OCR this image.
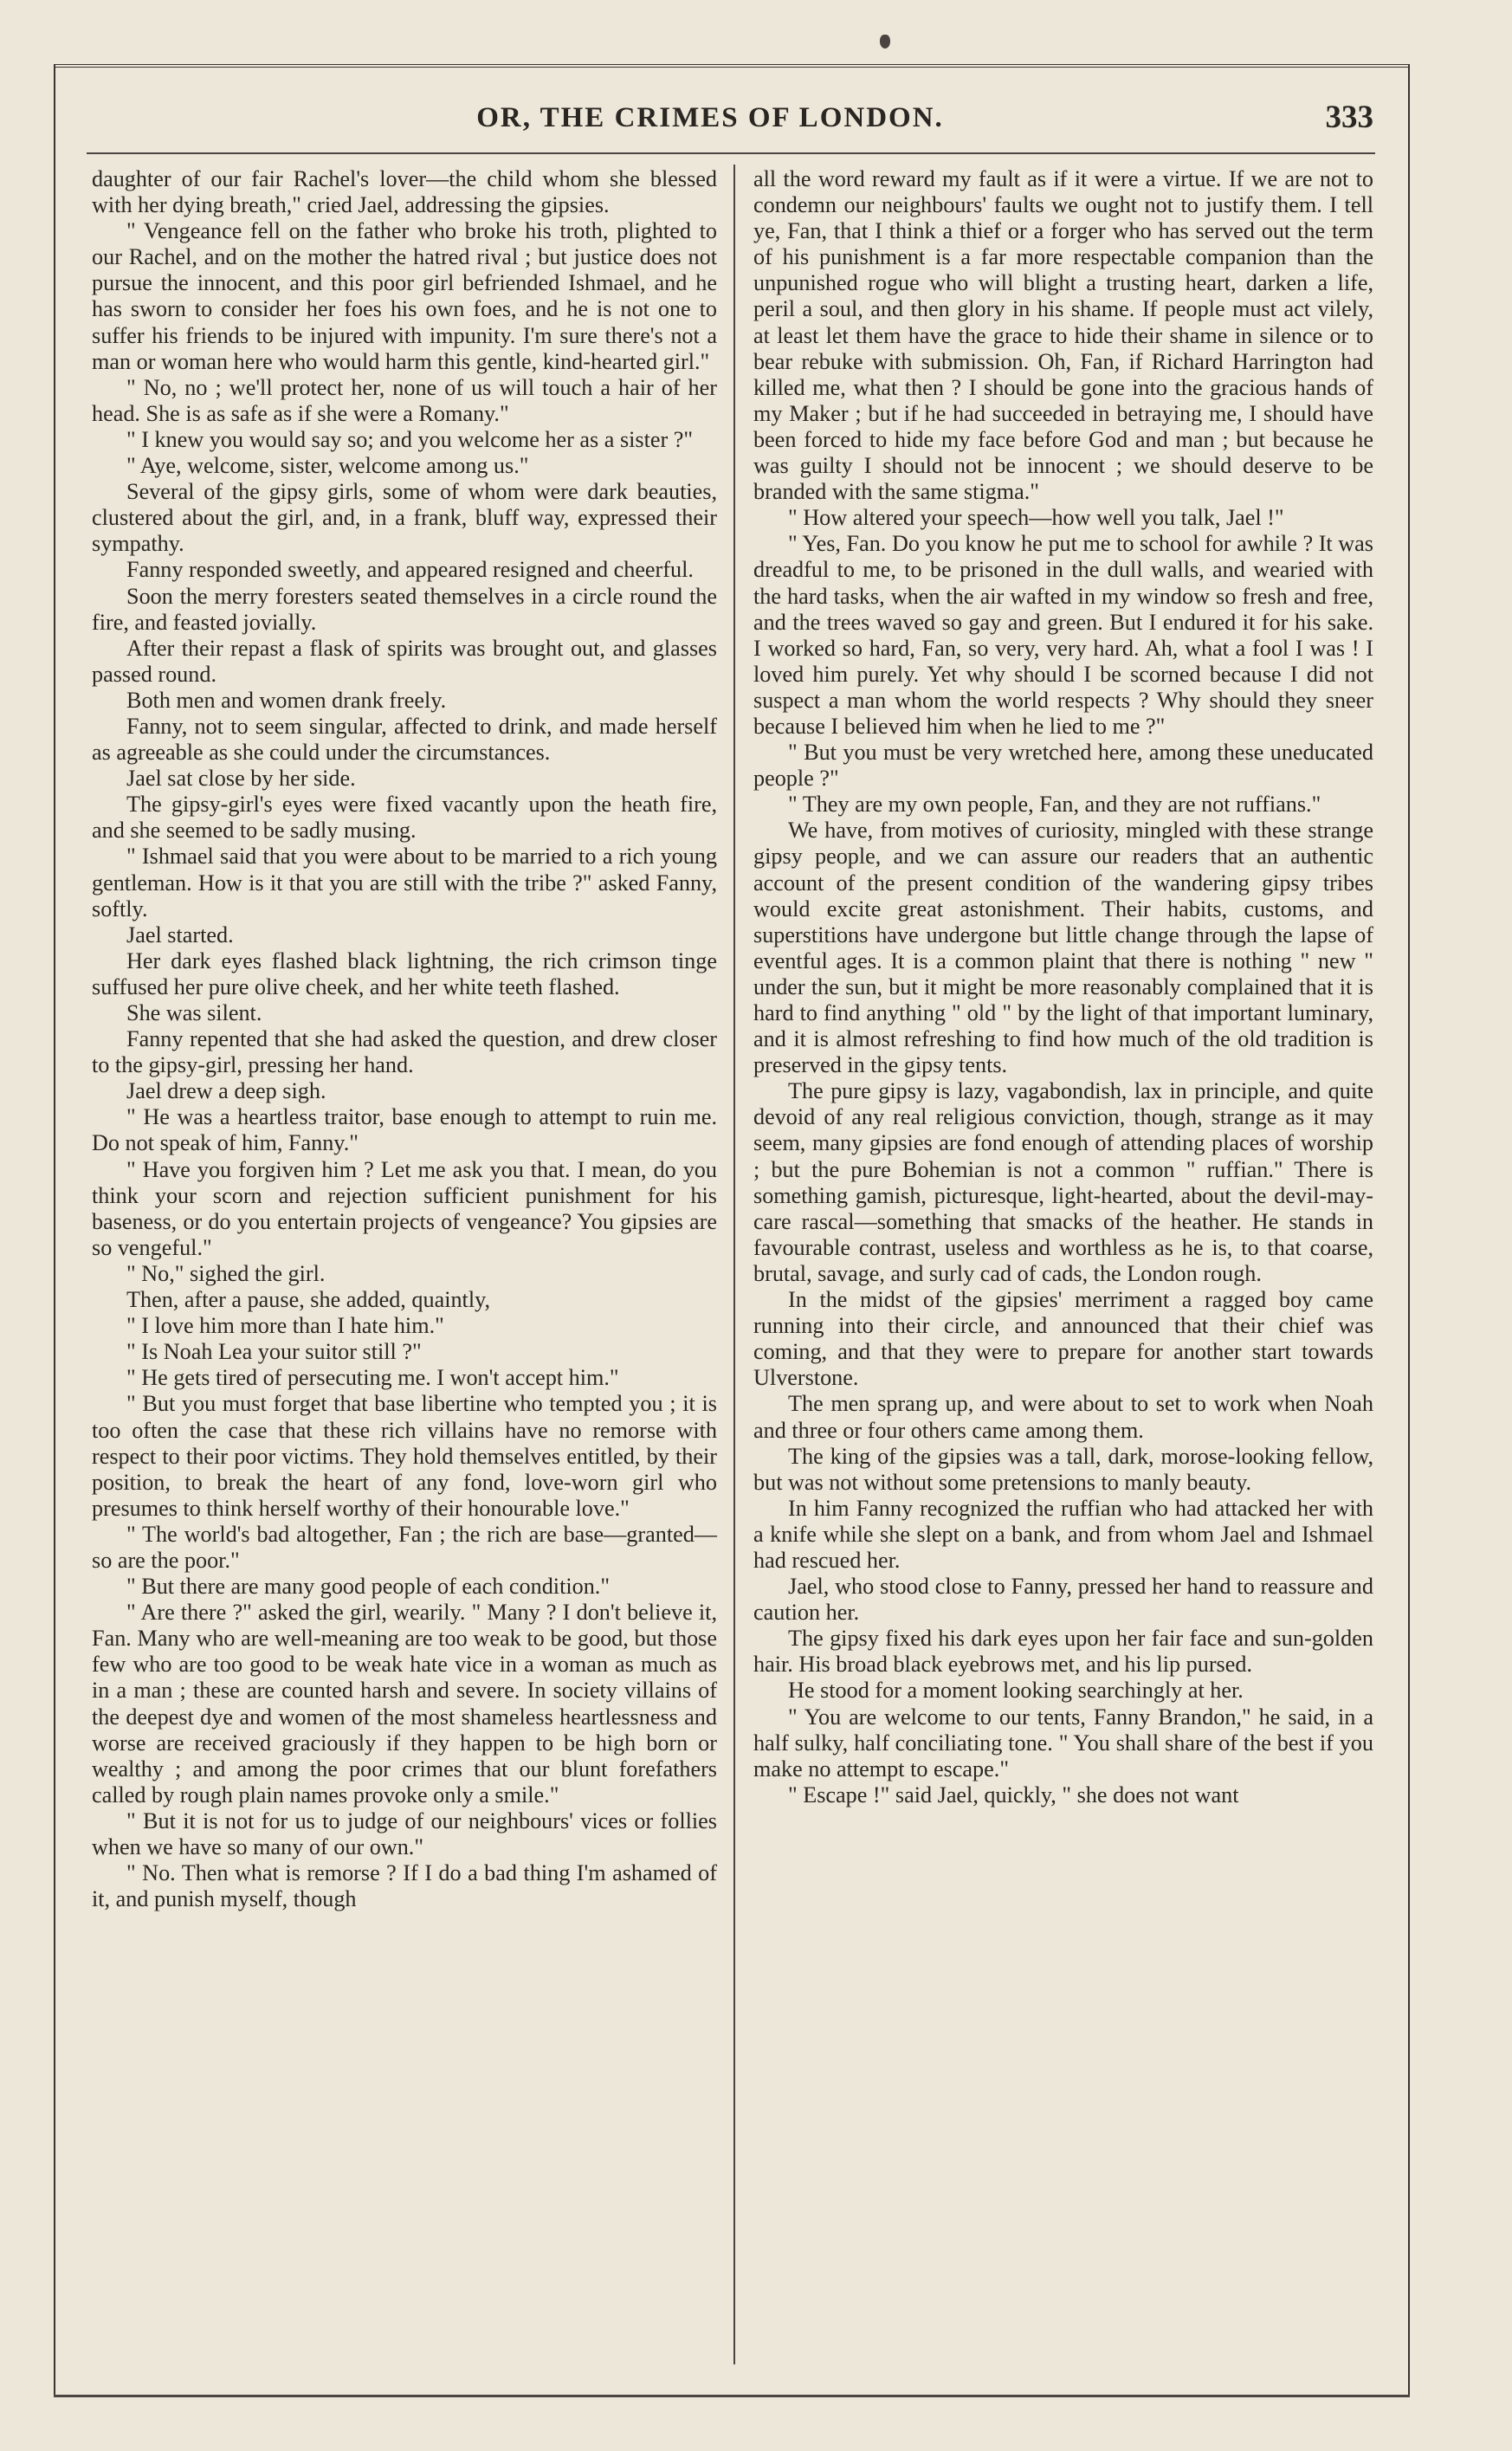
OR, THE CRIMES OF LONDON.	333

daughter of our fair Rachel's lover—the child whom she blessed with her dying breath," cried Jael, addressing the gipsies.

" Vengeance fell on the father who broke his troth, plighted to our Rachel, and on the mother the hatred rival ; but justice does not pursue the innocent, and this poor girl befriended Ishmael, and he has sworn to consider her foes his own foes, and he is not one to suffer his friends to be injured with impunity. I'm sure there's not a man or woman here who would harm this gentle, kind-hearted girl."

" No, no ; we'll protect her, none of us will touch a hair of her head. She is as safe as if she were a Romany."

" I knew you would say so; and you welcome her as a sister ?"

" Aye, welcome, sister, welcome among us."

Several of the gipsy girls, some of whom were dark beauties, clustered about the girl, and, in a frank, bluff way, expressed their sympathy.

Fanny responded sweetly, and appeared resigned and cheerful.

Soon the merry foresters seated themselves in a circle round the fire, and feasted jovially.

After their repast a flask of spirits was brought out, and glasses passed round.

Both men and women drank freely.

Fanny, not to seem singular, affected to drink, and made herself as agreeable as she could under the circumstances.

Jael sat close by her side.

The gipsy-girl's eyes were fixed vacantly upon the heath fire, and she seemed to be sadly musing.

" Ishmael said that you were about to be married to a rich young gentleman. How is it that you are still with the tribe ?" asked Fanny, softly.

Jael started.

Her dark eyes flashed black lightning, the rich crimson tinge suffused her pure olive cheek, and her white teeth flashed.

She was silent.

Fanny repented that she had asked the question, and drew closer to the gipsy-girl, pressing her hand.

Jael drew a deep sigh.

" He was a heartless traitor, base enough to attempt to ruin me. Do not speak of him, Fanny."

" Have you forgiven him ? Let me ask you that. I mean, do you think your scorn and rejection sufficient punishment for his baseness, or do you entertain projects of vengeance? You gipsies are so vengeful."

" No," sighed the girl.

Then, after a pause, she added, quaintly,

" I love him more than I hate him."

" Is Noah Lea your suitor still ?"

" He gets tired of persecuting me. I won't accept him."

" But you must forget that base libertine who tempted you ; it is too often the case that these rich villains have no remorse with respect to their poor victims. They hold themselves entitled, by their position, to break the heart of any fond, love-worn girl who presumes to think herself worthy of their honourable love."

" The world's bad altogether, Fan ; the rich are base—granted—so are the poor."

" But there are many good people of each condition."

" Are there ?" asked the girl, wearily. " Many ? I don't believe it, Fan. Many who are well-meaning are too weak to be good, but those few who are too good to be weak hate vice in a woman as much as in a man ; these are counted harsh and severe. In society villains of the deepest dye and women of the most shameless heartlessness and worse are received graciously if they happen to be high born or wealthy ; and among the poor crimes that our blunt forefathers called by rough plain names provoke only a smile."

" But it is not for us to judge of our neighbours' vices or follies when we have so many of our own."

" No. Then what is remorse ? If I do a bad thing I'm ashamed of it, and punish myself, though

all the word reward my fault as if it were a virtue. If we are not to condemn our neighbours' faults we ought not to justify them. I tell ye, Fan, that I think a thief or a forger who has served out the term of his punishment is a far more respectable companion than the unpunished rogue who will blight a trusting heart, darken a life, peril a soul, and then glory in his shame. If people must act vilely, at least let them have the grace to hide their shame in silence or to bear rebuke with submission. Oh, Fan, if Richard Harrington had killed me, what then ? I should be gone into the gracious hands of my Maker ; but if he had succeeded in betraying me, I should have been forced to hide my face before God and man ; but because he was guilty I should not be innocent ; we should deserve to be branded with the same stigma."

" How altered your speech—how well you talk, Jael !"

" Yes, Fan. Do you know he put me to school for awhile ? It was dreadful to me, to be prisoned in the dull walls, and wearied with the hard tasks, when the air wafted in my window so fresh and free, and the trees waved so gay and green. But I endured it for his sake. I worked so hard, Fan, so very, very hard. Ah, what a fool I was ! I loved him purely. Yet why should I be scorned because I did not suspect a man whom the world respects ? Why should they sneer because I believed him when he lied to me ?"

" But you must be very wretched here, among these uneducated people ?"

" They are my own people, Fan, and they are not ruffians."

We have, from motives of curiosity, mingled with these strange gipsy people, and we can assure our readers that an authentic account of the present condition of the wandering gipsy tribes would excite great astonishment. Their habits, customs, and superstitions have undergone but little change through the lapse of eventful ages. It is a common plaint that there is nothing " new " under the sun, but it might be more reasonably complained that it is hard to find anything " old " by the light of that important luminary, and it is almost refreshing to find how much of the old tradition is preserved in the gipsy tents.

The pure gipsy is lazy, vagabondish, lax in principle, and quite devoid of any real religious conviction, though, strange as it may seem, many gipsies are fond enough of attending places of worship ; but the pure Bohemian is not a common " ruffian." There is something gamish, picturesque, light-hearted, about the devil-may-care rascal—something that smacks of the heather. He stands in favourable contrast, useless and worthless as he is, to that coarse, brutal, savage, and surly cad of cads, the London rough.

In the midst of the gipsies' merriment a ragged boy came running into their circle, and announced that their chief was coming, and that they were to prepare for another start towards Ulverstone.

The men sprang up, and were about to set to work when Noah and three or four others came among them.

The king of the gipsies was a tall, dark, morose-looking fellow, but was not without some pretensions to manly beauty.

In him Fanny recognized the ruffian who had attacked her with a knife while she slept on a bank, and from whom Jael and Ishmael had rescued her.

Jael, who stood close to Fanny, pressed her hand to reassure and caution her.

The gipsy fixed his dark eyes upon her fair face and sun-golden hair. His broad black eyebrows met, and his lip pursed.

He stood for a moment looking searchingly at her.

" You are welcome to our tents, Fanny Brandon," he said, in a half sulky, half conciliating tone. " You shall share of the best if you make no attempt to escape."

" Escape !" said Jael, quickly, " she does not want
